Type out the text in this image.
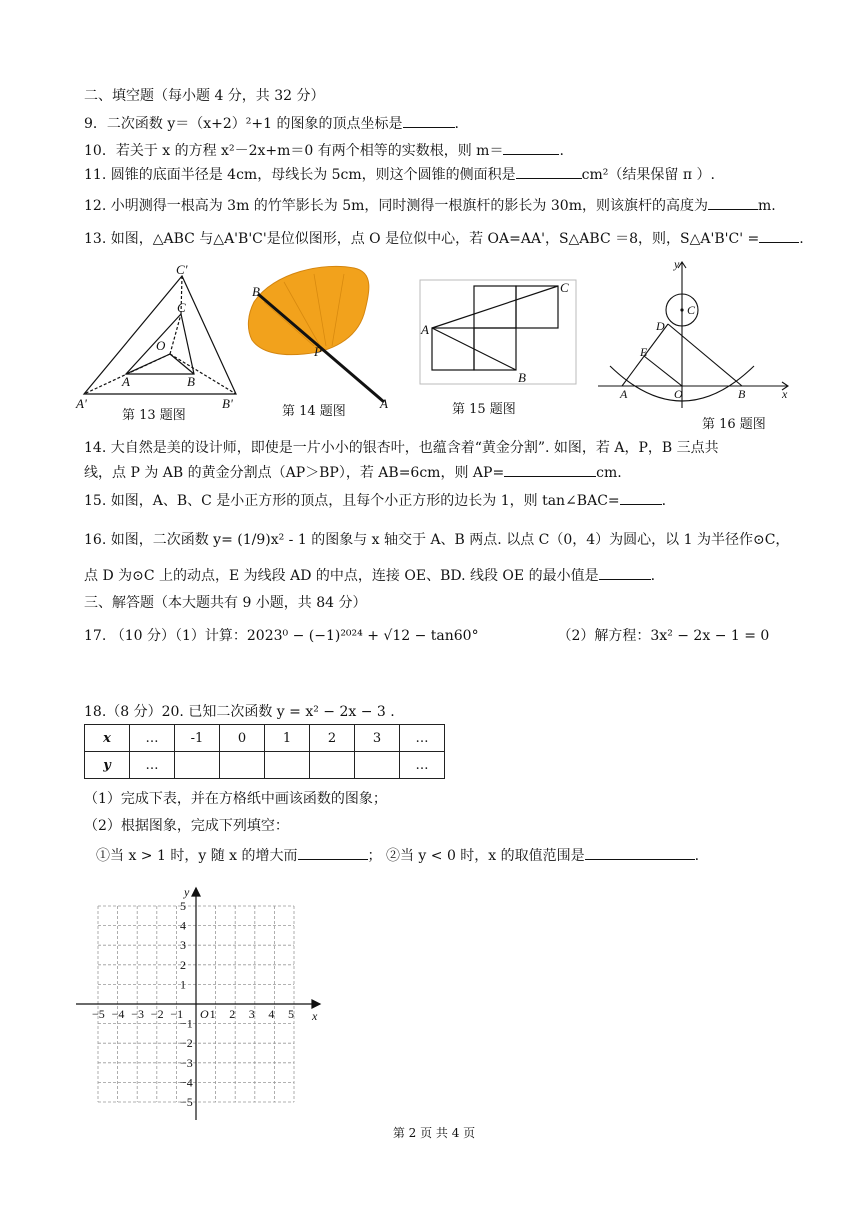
二、填空题（每小题 4 分，共 32 分）
9．二次函数 y＝（x+2）²+1 的图象的顶点坐标是	.
10．若关于 x 的方程 x²－2x+m＝0 有两个相等的实数根，则 m＝	.
11. 圆锥的底面半径是 4cm，母线长为 5cm，则这个圆锥的侧面积是	cm²（结果保留 π ）.
12. 小明测得一根高为 3m 的竹竿影长为 5m，同时测得一根旗杆的影长为 30m，则该旗杆的高度为	m.
13. 如图，△ABC 与△A'B'C'是位似图形，点 O 是位似中心，若 OA=AA'，S△ABC ＝8，则，S△A'B'C' =	.
C'
C
O
A	B
A'	B'
第 13 题图
B
P
A
第 14 题图
A
B
C
第 15 题图
y
C
D
E
A	O	B	x
第 16 题图
14. 大自然是美的设计师，即使是一片小小的银杏叶，也蕴含着“黄金分割”. 如图，若 A，P，B 三点共
线，点 P 为 AB 的黄金分割点（AP＞BP），若 AB=6cm，则 AP=	cm.
15. 如图，A、B、C 是小正方形的顶点，且每个小正方形的边长为 1，则 tan∠BAC=	.
16. 如图，二次函数 y= (1/9)x² - 1 的图象与 x 轴交于 A、B 两点. 以点 C（0，4）为圆心，以 1 为半径作⊙C，
点 D 为⊙C 上的动点，E 为线段 AD 的中点，连接 OE、BD. 线段 OE 的最小值是	.
三、解答题（本大题共有 9 小题，共 84 分）
17. （10 分）（1）计算：2023⁰ − (−1)²⁰²⁴ + √12 − tan60°	（2）解方程：3x² − 2x − 1 = 0
18.（8 分）20. 已知二次函数 y = x² − 2x − 3 .
x	…	-1	0	1	2	3	…
y	…						…
（1）完成下表，并在方格纸中画该函数的图象；
（2）根据图象，完成下列填空：
①当 x > 1 时，y 随 x 的增大而	； ②当 y < 0 时，x 的取值范围是	.
x
y
O
−5 −4 −3 −2 −1 1 2 3 4 5
5
4
3
2
1
−1
−2
−3
−4
−5
第 2 页 共 4 页
